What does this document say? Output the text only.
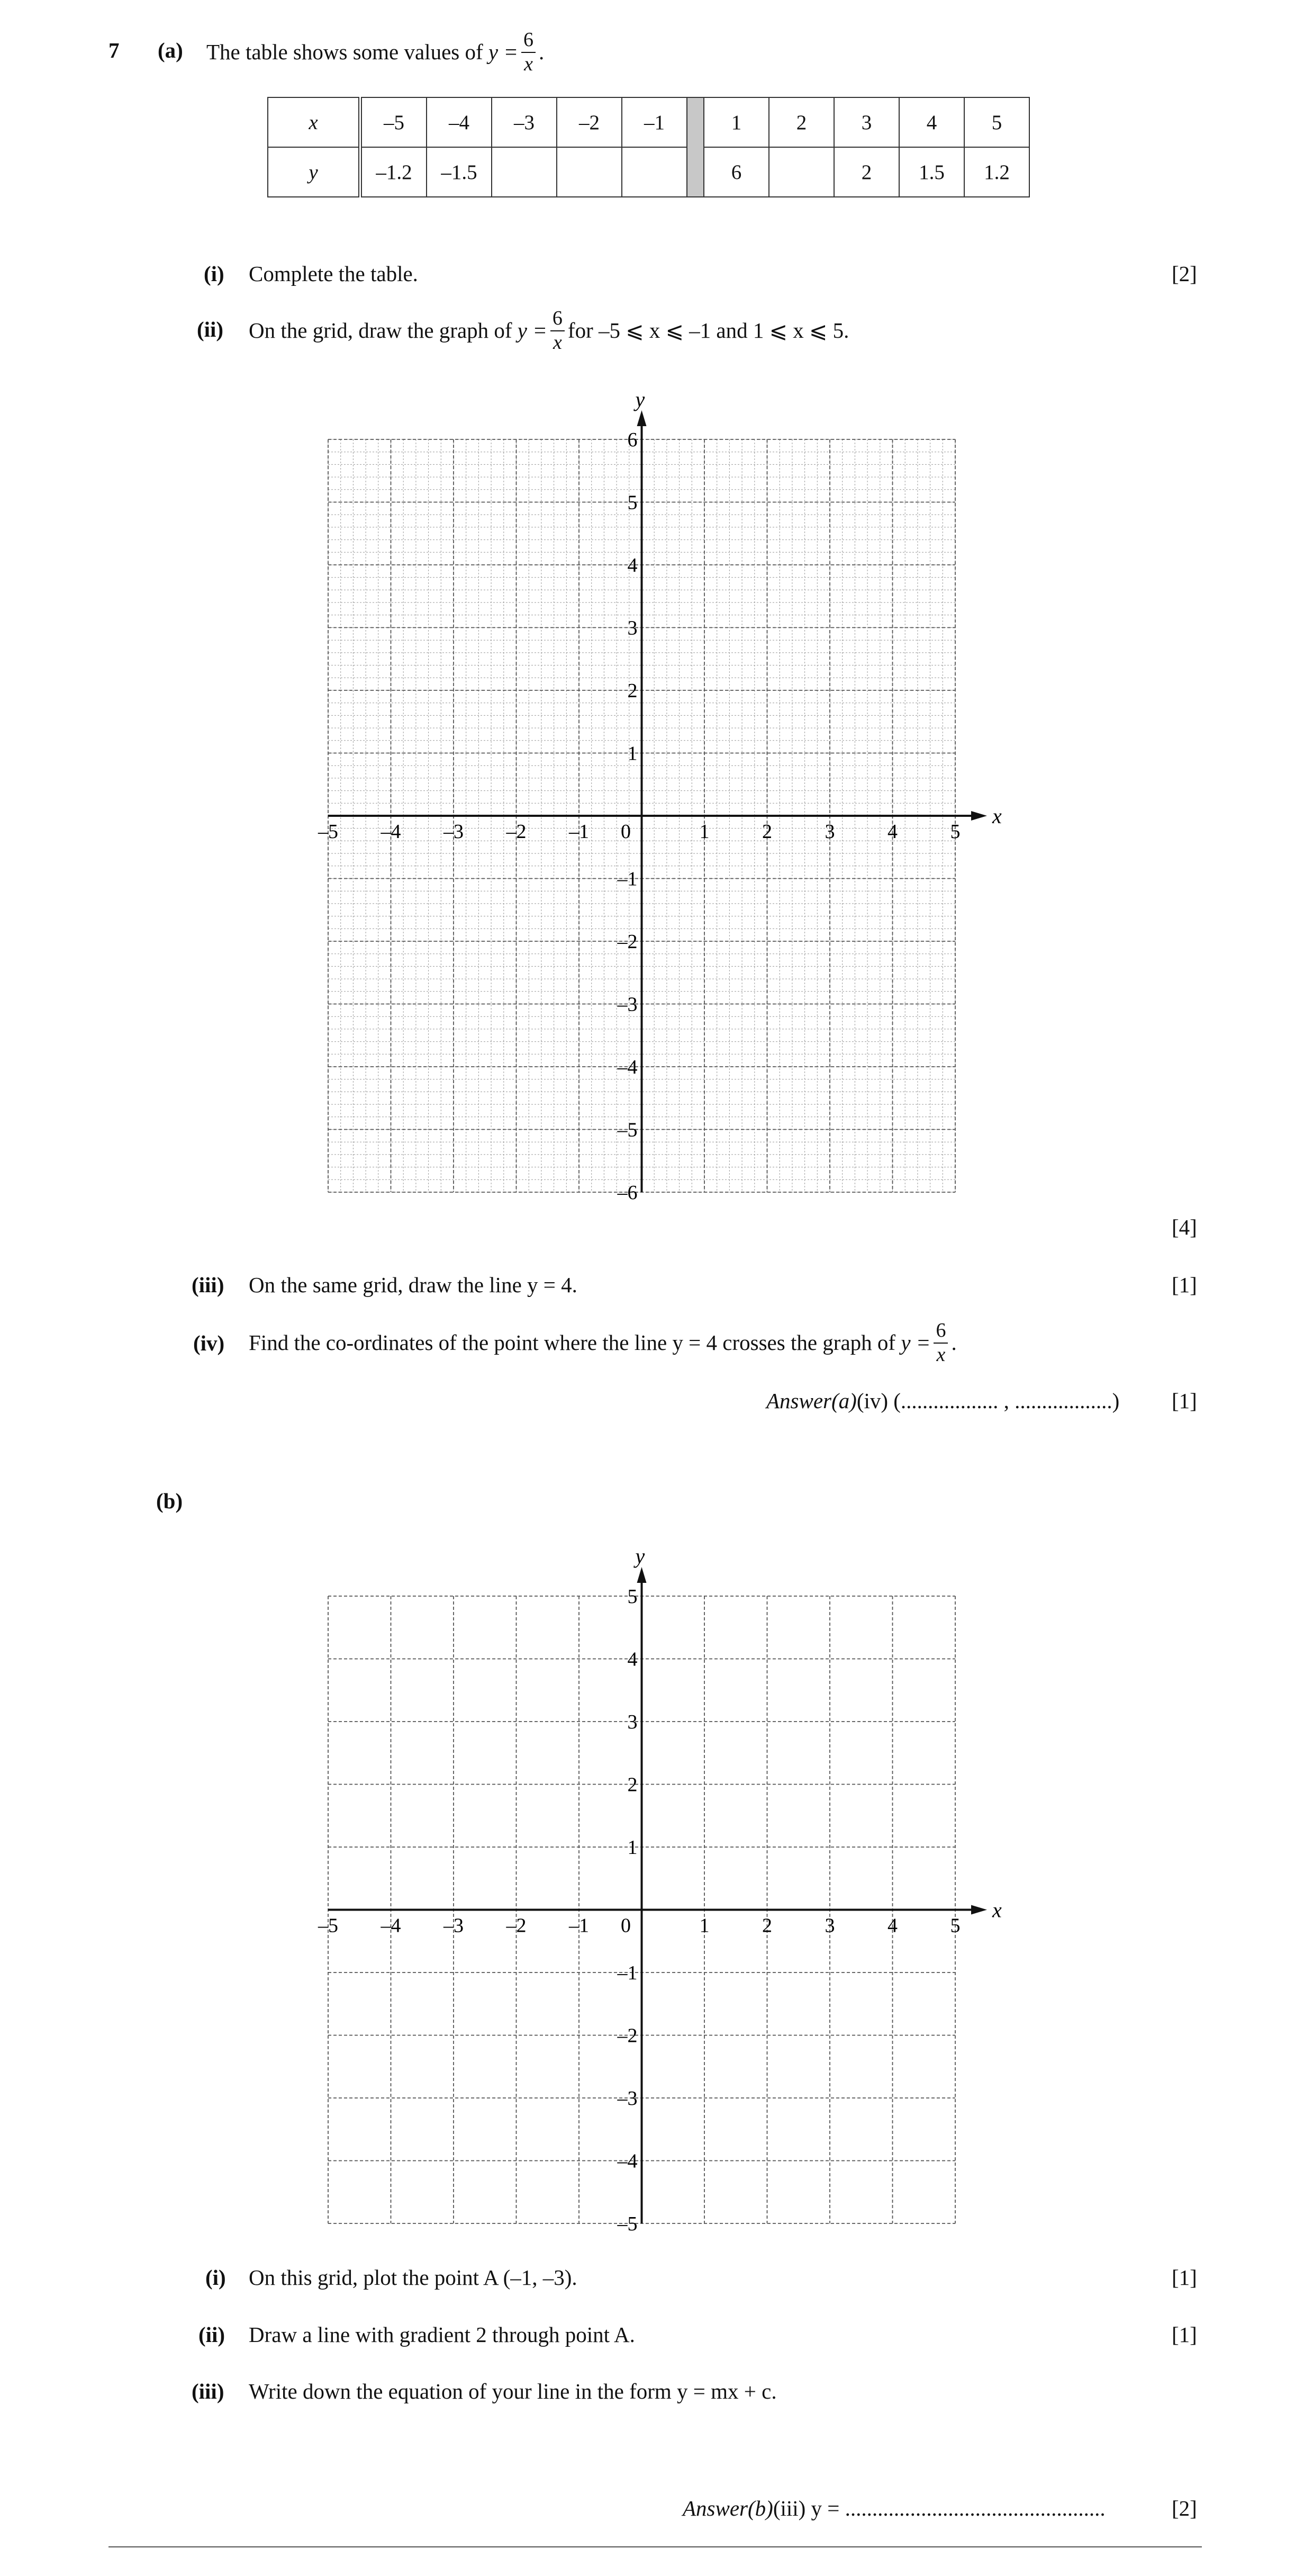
7 (a) The table shows some values of
$y = \frac{6}{x}$ .
x	–5	–4	–3	–2	–1		1	2	3	4	5
y	–1.2	–1.5					6		2	1.5	1.2
(i) Complete the table.	[2]
(ii) On the grid, draw the graph of
$y = \frac{6}{x}$ for –5 ⩽ x ⩽ –1 and 1 ⩽ x ⩽ 5.
x
y
–5 –4 –3 –2 –1	1	2	3	4	5
6
5
4
3
2
1
–1
–2
–3
–4
–5
–6
0
[4]
(iii) On the same grid, draw the line y = 4.	[1]
(iv) Find the co-ordinates of the point where the line y = 4 crosses the graph of
$y = \frac{6}{x}$ .
Answer(a)(iv) (.................. , ..................) [1]
(b)
x
y
–5 –4 –3 –2 –1	1	2	3	4	5
5
4
3
2
1
–1
–2
–3
–4
–5
0
(i) On this grid, plot the point A (–1, –3).	[1]
(ii) Draw a line with gradient 2 through point A.	[1]
(iii) Write down the equation of your line in the form y = mx + c.
Answer(b)(iii) y = ................................................	[2]
